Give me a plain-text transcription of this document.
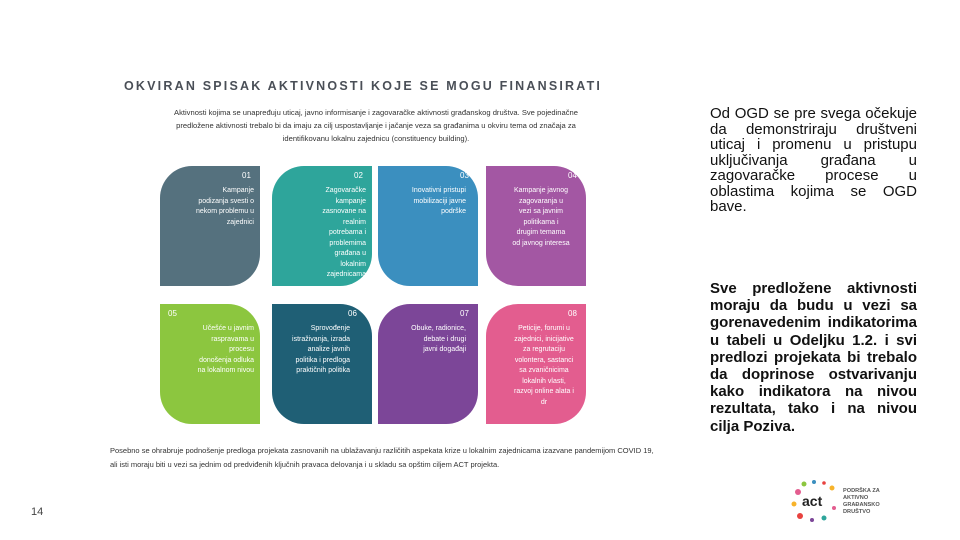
OKVIRAN SPISAK AKTIVNOSTI KOJE SE MOGU FINANSIRATI
Aktivnosti kojima se unapređuju uticaj, javno informisanje i zagovaračke aktivnosti građanskog društva. Sve pojedinačne predložene aktivnosti trebalo bi da imaju za cilj uspostavljanje i jačanje veza sa građanima u okviru tema od značaja za identifikovanu lokalnu zajednicu (constituency building).
01
Kampanje podizanja svesti o nekom problemu u zajednici
02
Zagovaračke kampanje zasnovane na realnim potrebama i problemima građana u lokalnim zajednicama
03
Inovativni pristupi mobilizaciji javne podrške
04
Kampanje javnog zagovaranja u vezi sa javnim politikama i drugim temama od javnog interesa
05
Učešće u javnim raspravama u procesu donošenja odluka na lokalnom nivou
06
Sprovođenje istraživanja, izrada analize javnih politika i predloga praktičnih politika
07
Obuke, radionice, debate i drugi javni događaji
08
Peticije, forumi u zajednici, inicijative za regrutaciju volontera, sastanci sa zvaničnicima lokalnih vlasti, razvoj online alata i dr
Posebno se ohrabruje podnošenje predloga projekata zasnovanih na ublažavanju različitih aspekata krize u lokalnim zajednicama izazvane pandemijom COVID 19, ali isti moraju biti u vezi sa jednim od predviđenih ključnih pravaca delovanja i u skladu sa opštim ciljem ACT projekta.
Od OGD se pre svega očekuje da demonstriraju društveni uticaj i promenu u pristupu uključivanja građana u zagovaračke procese u oblastima kojima se OGD bave.
Sve predložene aktivnosti moraju da budu u vezi sa gorenavedenim indikatorima u tabeli u Odeljku 1.2. i svi predlozi projekata bi trebalo da doprinose ostvarivanju kako indikatora na nivou rezultata, tako i na nivou cilja Poziva.
14
act
PODRŠKA ZA AKTIVNO GRAĐANSKO DRUŠTVO
